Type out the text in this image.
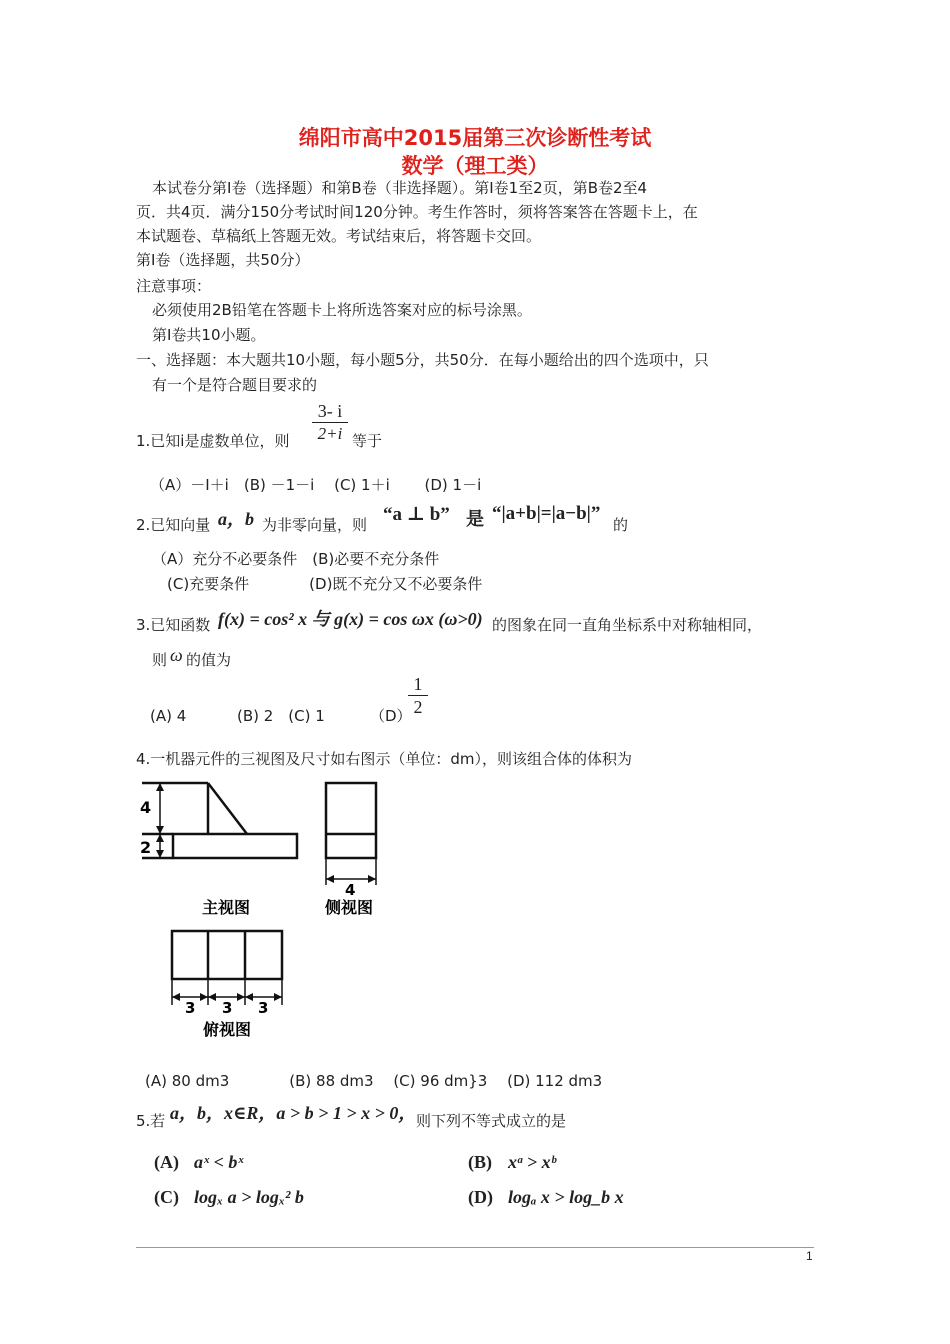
绵阳市高中2015届第三次诊断性考试
数学（理工类）
本试卷分第Ⅰ卷（选择题）和第B卷（非选择题）。第Ⅰ卷1至2页，第B卷2至4
页．共4页．满分150分考试时间120分钟。考生作答时，须将答案答在答题卡上，在
本试题卷、草稿纸上答题无效。考试结束后，将答题卡交回。
第Ⅰ卷（选择题，共50分）
注意事项：
必须使用2B铅笔在答题卡上将所选答案对应的标号涂黑。
第Ⅰ卷共10小题。
一、选择题：本大题共10小题，每小题5分，共50分．在每小题给出的四个选项中，只
有一个是符合题目要求的
1.已知i是虚数单位，则
3- i
2+i 等于
（A）－Ⅰ＋i　(B) －1－i　 (C) 1＋i　　 (D) 1－i
2.已知向量 a，b 为非零向量，则 “a ⊥ b” 是 “|a+b|=|a−b|”
的
（A）充分不必要条件　(B)必要不充分条件
(C)充要条件　　　　(D)既不充分又不必要条件
3.已知函数 f(x) = cos² x 与 g(x) = cos ωx (ω>0) 的图象在同一直角坐标系中对称轴相同，
则 ω 的值为
(A) 4	(B) 2　(C) 1	（D）
1
2
4.一机器元件的三视图及尺寸如右图示（单位：dm），则该组合体的体积为
4
2
4
3 3 3
主视图	侧视图
俯视图
(A) 80 dm3　　　　(B) 88 dm3　 (C) 96 dm}3　 (D) 112 dm3
5.若 a，b，x∈R，a > b > 1 > x > 0， 则下列不等式成立的是
(A) aˣ < bˣ	(B) xᵃ > xᵇ
(C) logₓ a > logₓ² b	(D) logₐ x > log_b x
1
